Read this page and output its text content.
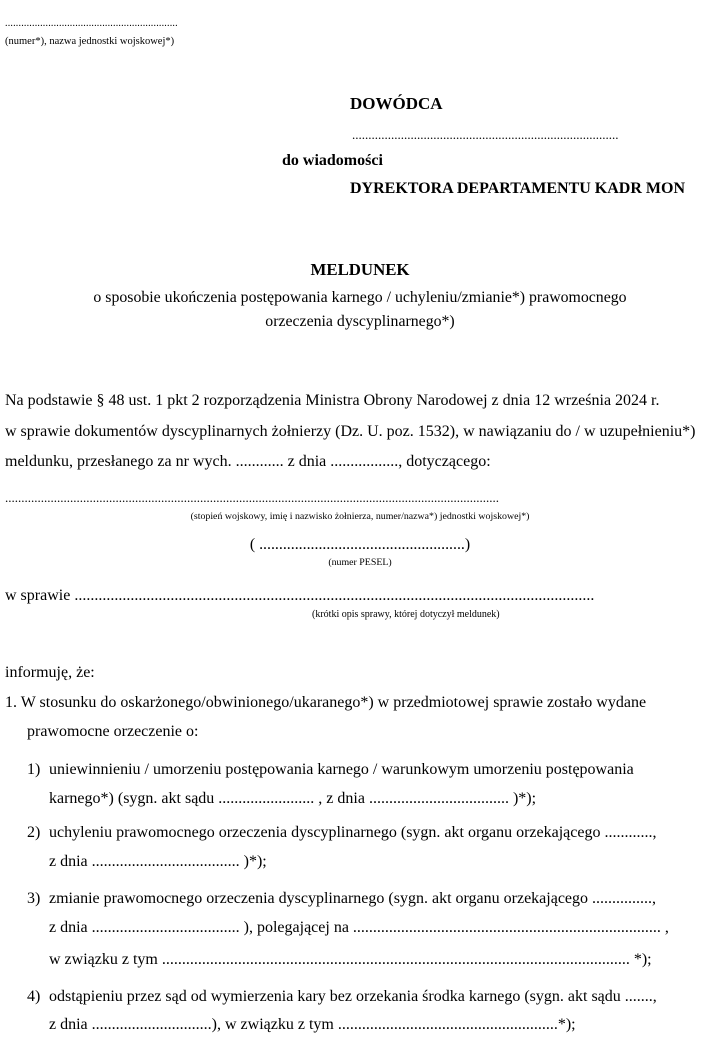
................................................................
(numer*), nazwa jednostki wojskowej*)
DOWÓDCA
..................................................................................
do wiadomości
DYREKTORA DEPARTAMENTU KADR MON
MELDUNEK
o sposobie ukończenia postępowania karnego / uchyleniu/zmianie*) prawomocnego
orzeczenia dyscyplinarnego*)
Na podstawie § 48 ust. 1 pkt 2 rozporządzenia Ministra Obrony Narodowej z dnia 12 września 2024 r.
w sprawie dokumentów dyscyplinarnych żołnierzy (Dz. U. poz. 1532), w nawiązaniu do / w uzupełnieniu*)
meldunku, przesłanego za nr wych. ............ z dnia ................., dotyczącego:
........................................................................................................................................................
(stopień wojskowy, imię i nazwisko żołnierza, numer/nazwa*) jednostki wojskowej*)
( ....................................................)
(numer PESEL)
w sprawie ..................................................................................................................................
(krótki opis sprawy, której dotyczył meldunek)
informuję, że:
1. W stosunku do oskarżonego/obwinionego/ukaranego*) w przedmiotowej sprawie zostało wydane
prawomocne orzeczenie o:
1) uniewinnieniu / umorzeniu postępowania karnego / warunkowym umorzeniu postępowania
karnego*) (sygn. akt sądu ........................ , z dnia ................................... )*);
2) uchyleniu prawomocnego orzeczenia dyscyplinarnego (sygn. akt organu orzekającego ............,
z dnia ..................................... )*);
3) zmianie prawomocnego orzeczenia dyscyplinarnego (sygn. akt organu orzekającego ...............,
z dnia ..................................... ), polegającej na ............................................................................. ,
w związku z tym ..................................................................................................................... *);
4) odstąpieniu przez sąd od wymierzenia kary bez orzekania środka karnego (sygn. akt sądu .......,
z dnia ..............................), w związku z tym .......................................................*);
